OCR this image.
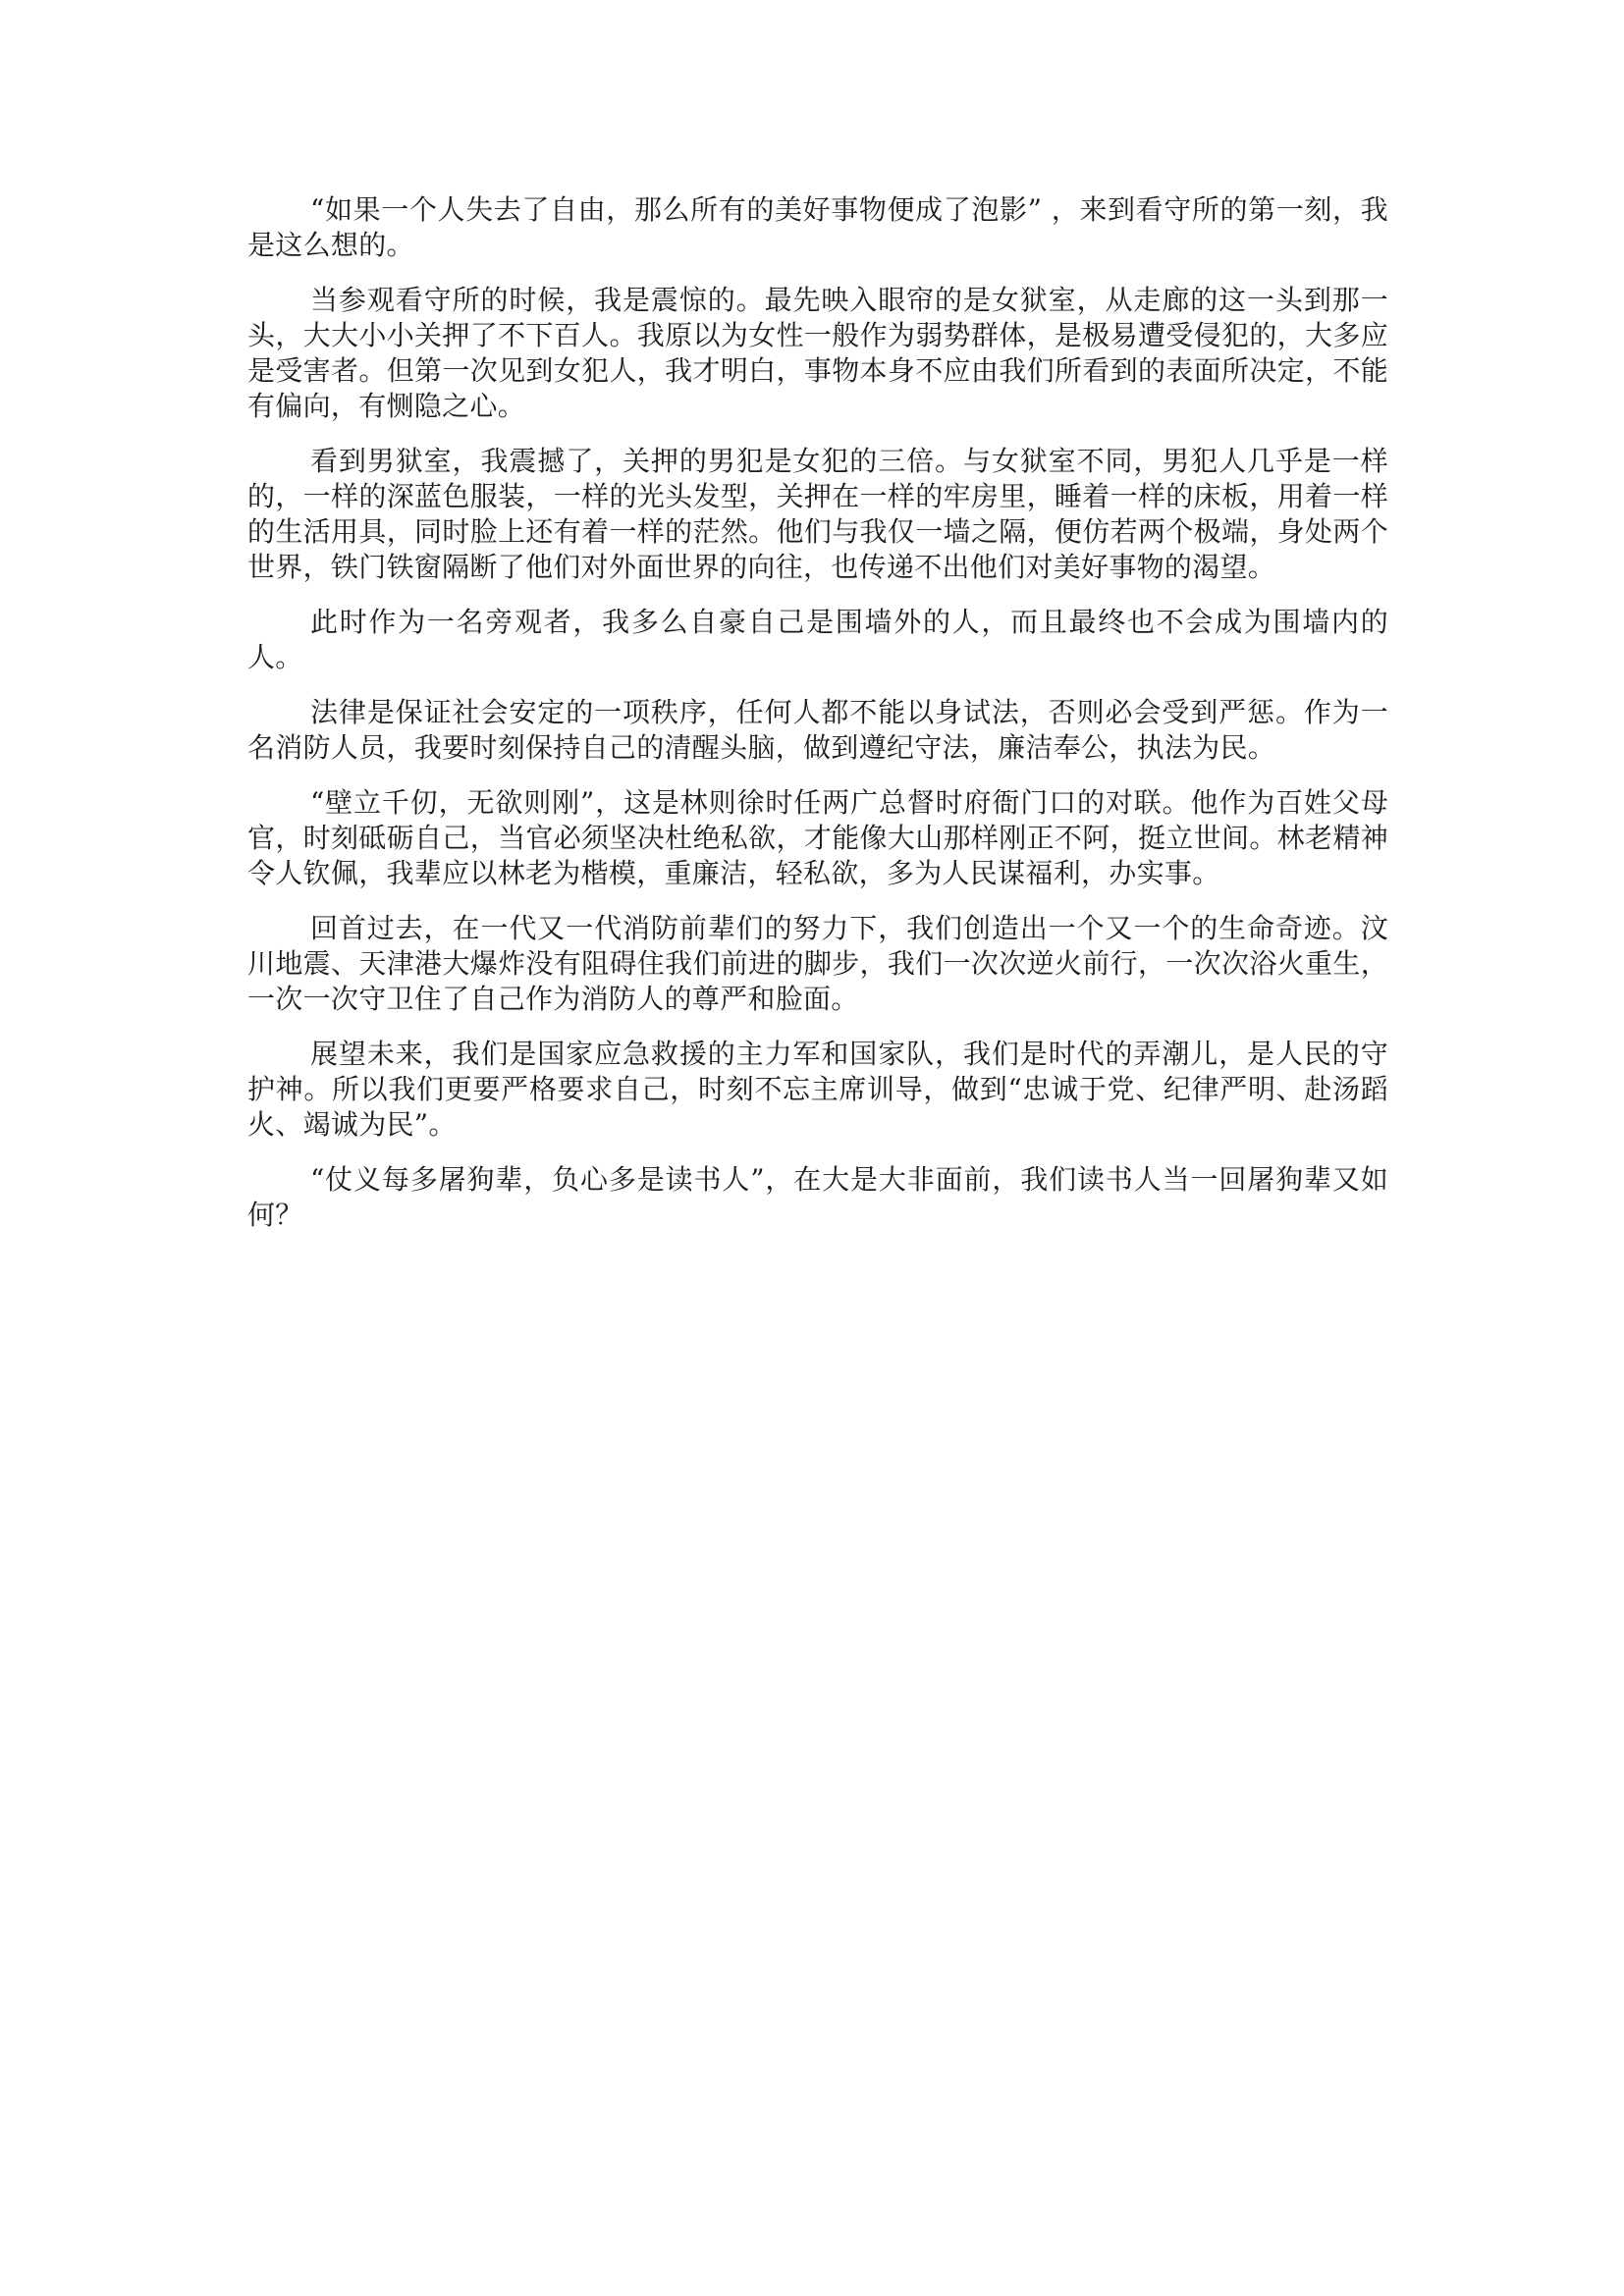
“如果一个人失去了自由，那么所有的美好事物便成了泡影” ，来到看守所的第一刻，我是这么想的。

当参观看守所的时候，我是震惊的。最先映入眼帘的是女狱室，从走廊的这一头到那一头，大大小小关押了不下百人。我原以为女性一般作为弱势群体，是极易遭受侵犯的，大多应是受害者。但第一次见到女犯人，我才明白，事物本身不应由我们所看到的表面所决定，不能有偏向，有恻隐之心。

看到男狱室，我震撼了，关押的男犯是女犯的三倍。与女狱室不同，男犯人几乎是一样的，一样的深蓝色服装，一样的光头发型，关押在一样的牢房里，睡着一样的床板，用着一样的生活用具，同时脸上还有着一样的茫然。他们与我仅一墙之隔，便仿若两个极端，身处两个世界，铁门铁窗隔断了他们对外面世界的向往，也传递不出他们对美好事物的渴望。

此时作为一名旁观者，我多么自豪自己是围墙外的人，而且最终也不会成为围墙内的人。

法律是保证社会安定的一项秩序，任何人都不能以身试法，否则必会受到严惩。作为一名消防人员，我要时刻保持自己的清醒头脑，做到遵纪守法，廉洁奉公，执法为民。

“壁立千仞，无欲则刚”，这是林则徐时任两广总督时府衙门口的对联。他作为百姓父母官，时刻砥砺自己，当官必须坚决杜绝私欲，才能像大山那样刚正不阿，挺立世间。林老精神令人钦佩，我辈应以林老为楷模，重廉洁，轻私欲，多为人民谋福利，办实事。

回首过去，在一代又一代消防前辈们的努力下，我们创造出一个又一个的生命奇迹。汶川地震、天津港大爆炸没有阻碍住我们前进的脚步，我们一次次逆火前行，一次次浴火重生，一次一次守卫住了自己作为消防人的尊严和脸面。

展望未来，我们是国家应急救援的主力军和国家队，我们是时代的弄潮儿，是人民的守护神。所以我们更要严格要求自己，时刻不忘主席训导，做到“忠诚于党、纪律严明、赴汤蹈火、竭诚为民”。

“仗义每多屠狗辈，负心多是读书人”，在大是大非面前，我们读书人当一回屠狗辈又如何？
